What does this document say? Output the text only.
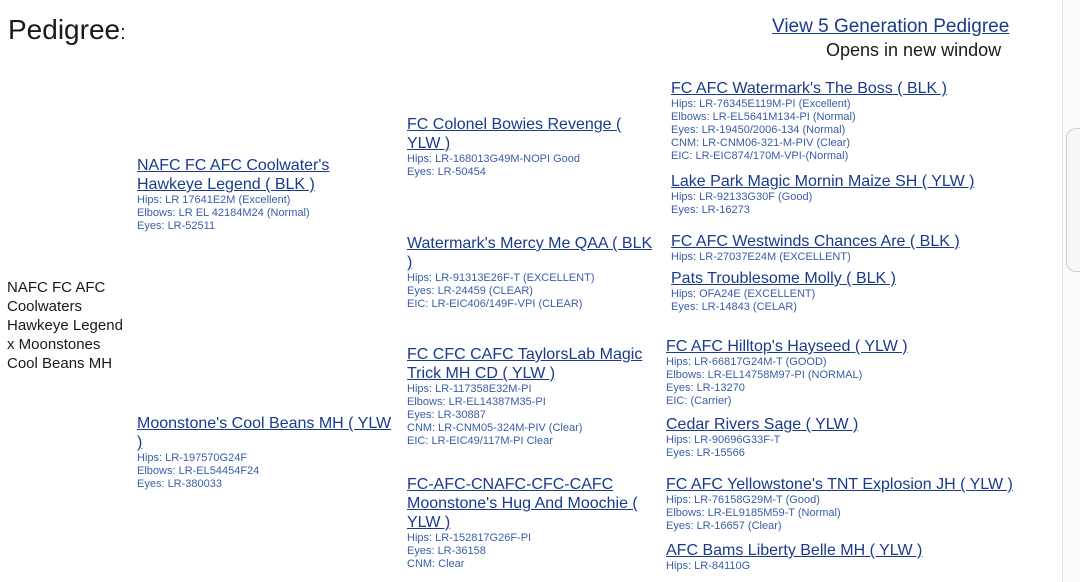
Pedigree:	View 5 Generation Pedigree
Opens in new window
NAFC FC AFC
Coolwaters
Hawkeye Legend
x Moonstones
Cool Beans MH
NAFC FC AFC Coolwater's Hawkeye Legend ( BLK )
Hips: LR 17641E2M (Excellent)
Elbows: LR EL 42184M24 (Normal)
Eyes: LR-52511
Moonstone's Cool Beans MH ( YLW )
Hips: LR-197570G24F
Elbows: LR-EL54454F24
Eyes: LR-380033
FC Colonel Bowies Revenge ( YLW )
Hips: LR-168013G49M-NOPI Good
Eyes: LR-50454
Watermark's Mercy Me QAA ( BLK )
Hips: LR-91313E26F-T (EXCELLENT)
Eyes: LR-24459 (CLEAR)
EIC: LR-EIC406/149F-VPI (CLEAR)
FC CFC CAFC TaylorsLab Magic Trick MH CD ( YLW )
Hips: LR-117358E32M-PI
Elbows: LR-EL14387M35-PI
Eyes: LR-30887
CNM: LR-CNM05-324M-PIV (Clear)
EIC: LR-EIC49/117M-PI Clear
FC-AFC-CNAFC-CFC-CAFC Moonstone's Hug And Moochie ( YLW )
Hips: LR-152817G26F-PI
Eyes: LR-36158
CNM: Clear
FC AFC Watermark's The Boss ( BLK )
Hips: LR-76345E119M-PI (Excellent)
Elbows: LR-EL5641M134-PI (Normal)
Eyes: LR-19450/2006-134 (Normal)
CNM: LR-CNM06-321-M-PIV (Clear)
EIC: LR-EIC874/170M-VPI-(Normal)
Lake Park Magic Mornin Maize SH ( YLW )
Hips: LR-92133G30F (Good)
Eyes: LR-16273
FC AFC Westwinds Chances Are ( BLK )
Hips: LR-27037E24M (EXCELLENT)
Pats Troublesome Molly ( BLK )
Hips: OFA24E (EXCELLENT)
Eyes: LR-14843 (CELAR)
FC AFC Hilltop's Hayseed ( YLW )
Hips: LR-66817G24M-T (GOOD)
Elbows: LR-EL14758M97-PI (NORMAL)
Eyes: LR-13270
EIC: (Carrier)
Cedar Rivers Sage ( YLW )
Hips: LR-90696G33F-T
Eyes: LR-15566
FC AFC Yellowstone's TNT Explosion JH ( YLW )
Hips: LR-76158G29M-T (Good)
Elbows: LR-EL9185M59-T (Normal)
Eyes: LR-16657 (Clear)
AFC Bams Liberty Belle MH ( YLW )
Hips: LR-84110G
